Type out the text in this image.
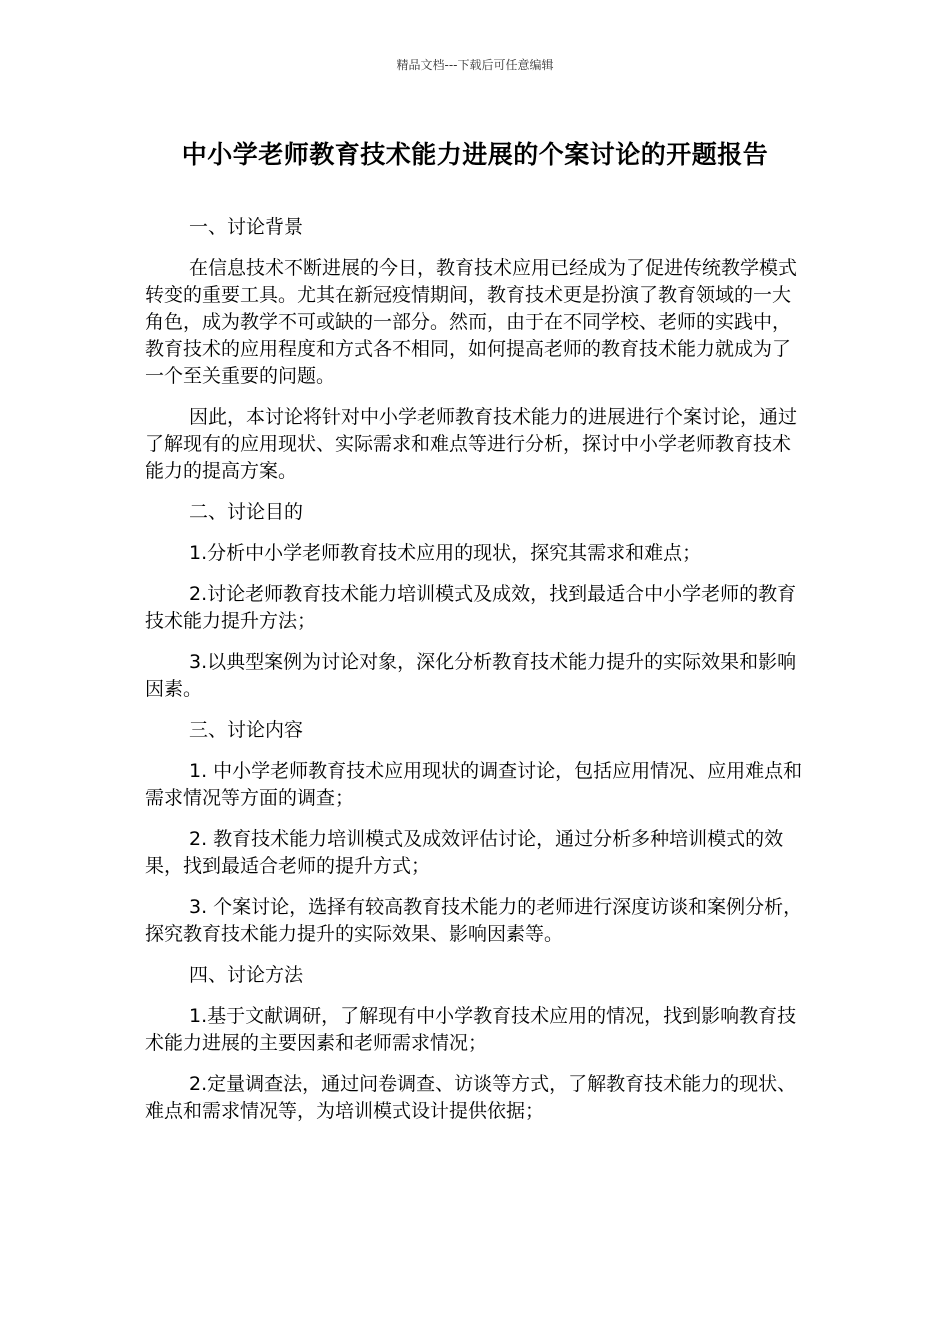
精品文档---下载后可任意编辑
中小学老师教育技术能力进展的个案讨论的开题报告

一、讨论背景

在信息技术不断进展的今日，教育技术应用已经成为了促进传统教学模式转变的重要工具。尤其在新冠疫情期间，教育技术更是扮演了教育领域的一大角色，成为教学不可或缺的一部分。然而，由于在不同学校、老师的实践中，教育技术的应用程度和方式各不相同，如何提高老师的教育技术能力就成为了一个至关重要的问题。

因此，本讨论将针对中小学老师教育技术能力的进展进行个案讨论，通过了解现有的应用现状、实际需求和难点等进行分析，探讨中小学老师教育技术能力的提高方案。

二、讨论目的

1.分析中小学老师教育技术应用的现状，探究其需求和难点；

2.讨论老师教育技术能力培训模式及成效，找到最适合中小学老师的教育技术能力提升方法；

3.以典型案例为讨论对象，深化分析教育技术能力提升的实际效果和影响因素。

三、讨论内容

1. 中小学老师教育技术应用现状的调查讨论，包括应用情况、应用难点和需求情况等方面的调查；

2. 教育技术能力培训模式及成效评估讨论，通过分析多种培训模式的效果，找到最适合老师的提升方式；

3. 个案讨论，选择有较高教育技术能力的老师进行深度访谈和案例分析，探究教育技术能力提升的实际效果、影响因素等。

四、讨论方法

1.基于文献调研，了解现有中小学教育技术应用的情况，找到影响教育技术能力进展的主要因素和老师需求情况；

2.定量调查法，通过问卷调查、访谈等方式，了解教育技术能力的现状、难点和需求情况等，为培训模式设计提供依据；
